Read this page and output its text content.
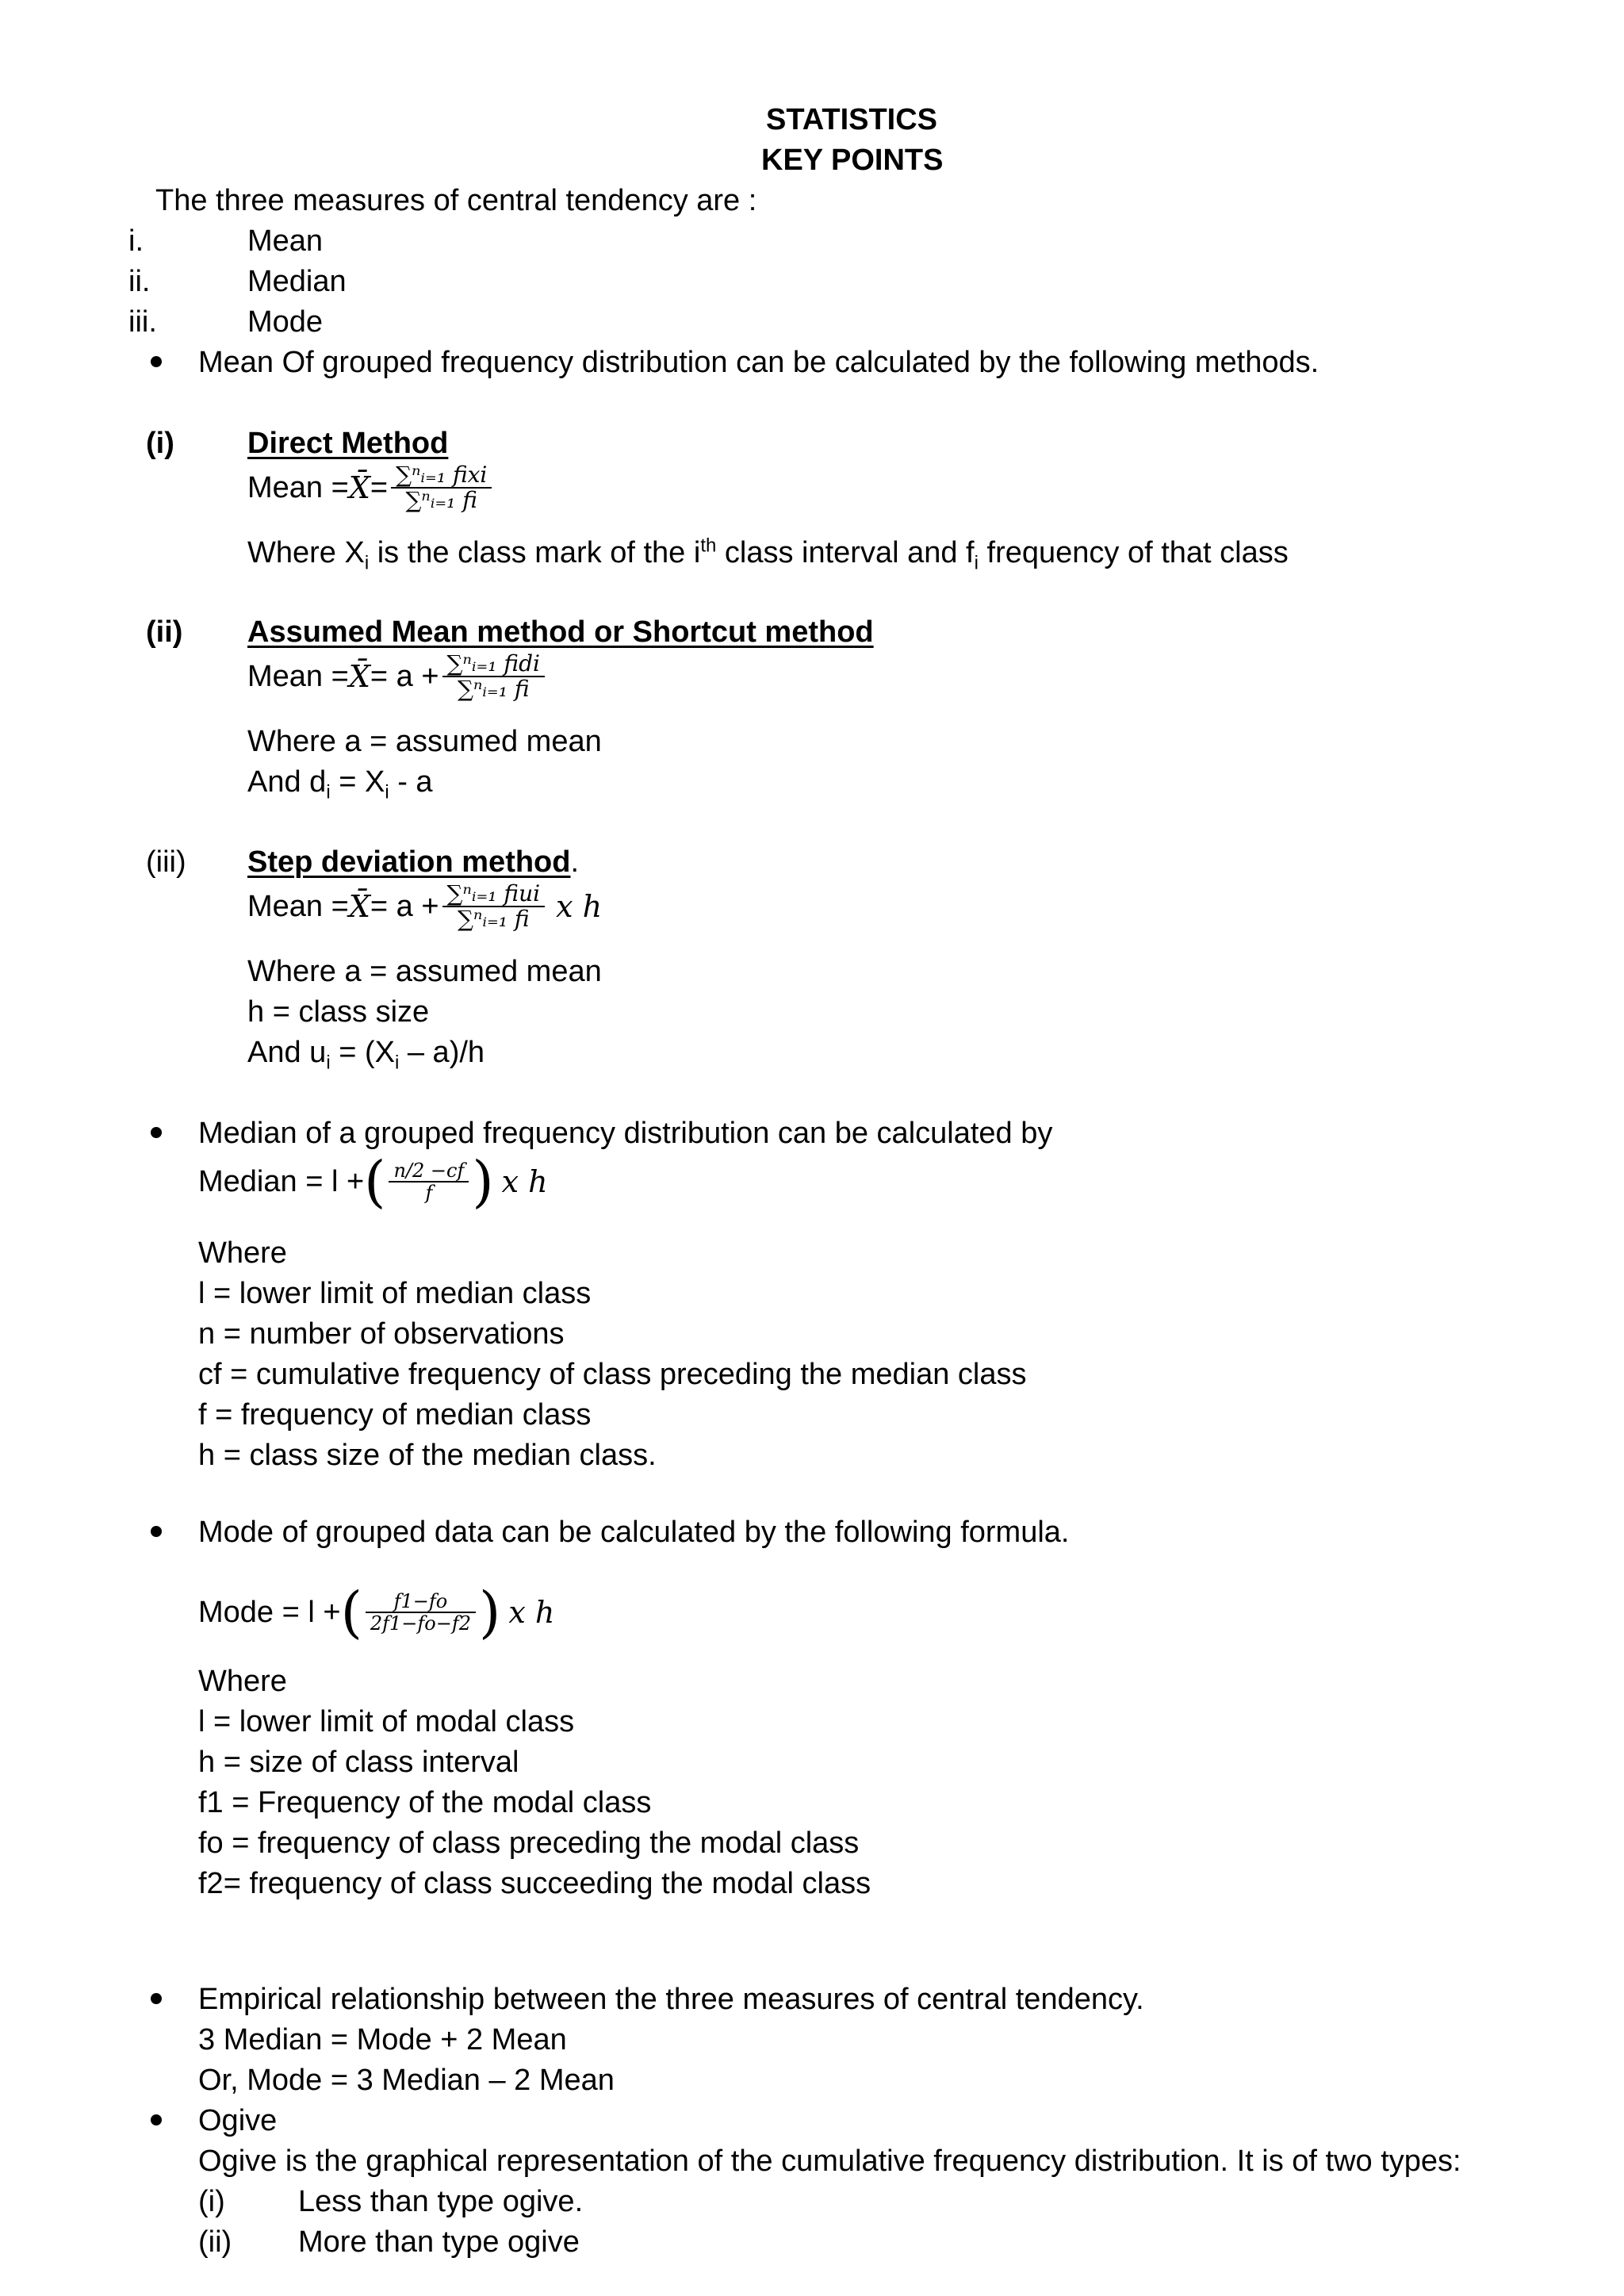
STATISTICS
KEY POINTS
The three measures of central tendency are :
i.	Mean
ii.	Median
iii.	Mode
Mean Of grouped frequency distribution can be calculated by the following methods.
(i) Direct Method
Mean = X̄ = $\frac{\text{∑ⁿᵢ₌₁ fixi}}{\text{∑ⁿᵢ₌₁ fi}}$
Where $X_i$ is the class mark of the $i^{th}$ class interval and $f_i$ frequency of that class
(ii) Assumed Mean method or Shortcut method
Mean = X̄ = $a + \frac{\text{∑ⁿᵢ₌₁ fidi}}{\text{∑ⁿᵢ₌₁ fi}}$
Where a = assumed mean
And $d_i = X_i - a$
(iii) Step deviation method.
Mean = X̄ = $a + \frac{\text{∑ⁿᵢ₌₁ fiui}}{\text{∑ⁿᵢ₌₁ fi}}$ x h
Where a = assumed mean
h = class size
And $u_i = (X_i - a)/h$
Median of a grouped frequency distribution can be calculated by
Median = l + ( $\frac{n/2 -cf}{f}$ ) x h
Where
l = lower limit of median class
n = number of observations
cf = cumulative frequency of class preceding the median class
f = frequency of median class
h = class size of the median class.
Mode of grouped data can be calculated by the following formula.
Mode = l + ( $\frac{f1-fo}{2f1-fo-f2}$ ) x h
Where
l = lower limit of modal class
h = size of class interval
f1 = Frequency of the modal class
fo = frequency of class preceding the modal class
f2= frequency of class succeeding the modal class
Empirical relationship between the three measures of central tendency.
3 Median = Mode + 2 Mean
Or, Mode = 3 Median – 2 Mean
Ogive
Ogive is the graphical representation of the cumulative frequency distribution. It is of two types:
(i) Less than type ogive.
(ii) More than type ogive
